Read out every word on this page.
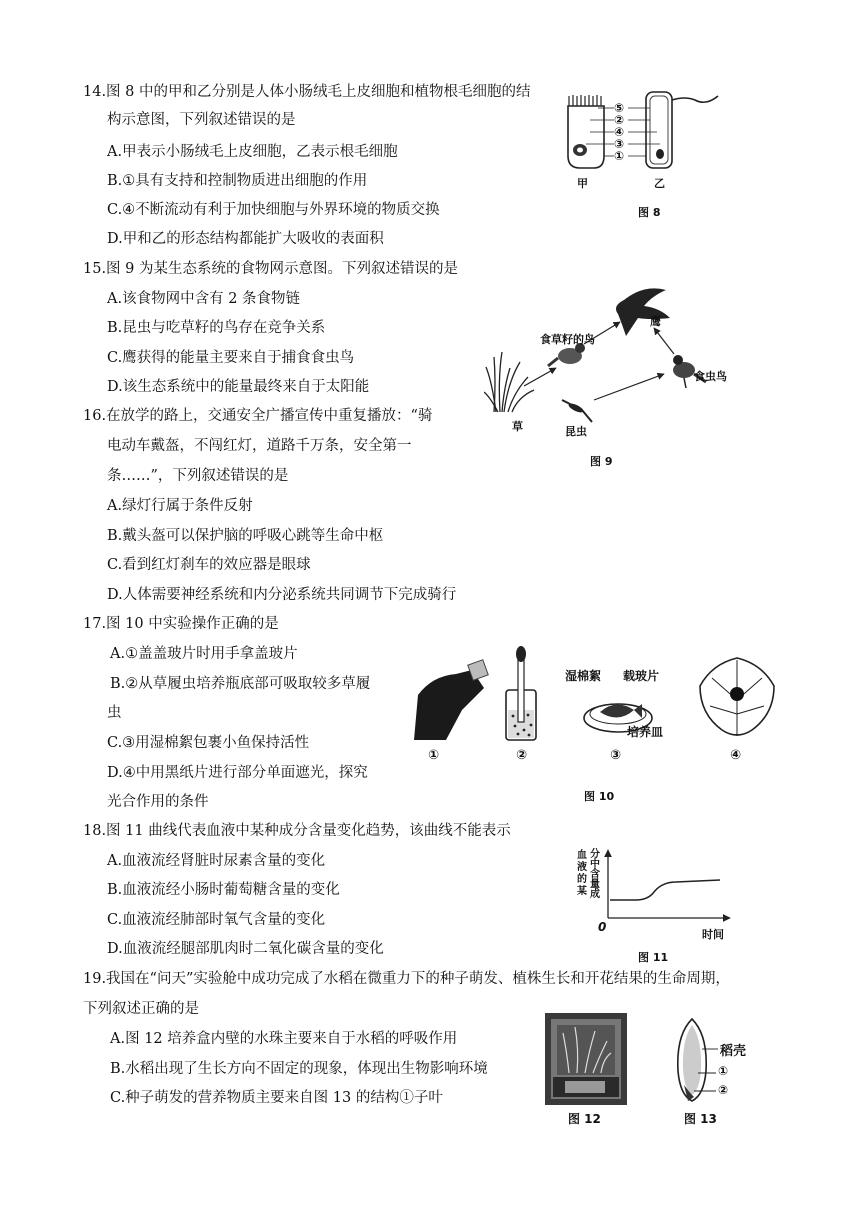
14.图 8 中的甲和乙分别是人体小肠绒毛上皮细胞和植物根毛细胞的结
构示意图，下列叙述错误的是
A.甲表示小肠绒毛上皮细胞，乙表示根毛细胞
B.①具有支持和控制物质进出细胞的作用
C.④不断流动有利于加快细胞与外界环境的物质交换
D.甲和乙的形态结构都能扩大吸收的表面积
⑤
②
④
③
①
甲	乙
图 8
15.图 9 为某生态系统的食物网示意图。下列叙述错误的是
A.该食物网中含有 2 条食物链
B.昆虫与吃草籽的鸟存在竞争关系
C.鹰获得的能量主要来自于捕食食虫鸟
D.该生态系统中的能量最终来自于太阳能
食草籽的鸟
鹰
食虫鸟
草	昆虫
图 9
16.在放学的路上，交通安全广播宣传中重复播放：“骑
电动车戴盔，不闯红灯，道路千万条，安全第一
条……”，下列叙述错误的是
A.绿灯行属于条件反射
B.戴头盔可以保护脑的呼吸心跳等生命中枢
C.看到红灯刹车的效应器是眼球
D.人体需要神经系统和内分泌系统共同调节下完成骑行
17.图 10 中实验操作正确的是
A.①盖盖玻片时用手拿盖玻片
B.②从草履虫培养瓶底部可吸取较多草履
虫
C.③用湿棉絮包裹小鱼保持活性
D.④中用黑纸片进行部分单面遮光，探究
光合作用的条件
湿棉絮 载玻片
培养皿
①	②	③	④
图 10
18.图 11 曲线代表血液中某种成分含量变化趋势，该曲线不能表示
A.血液流经肾脏时尿素含量的变化
B.血液流经小肠时葡萄糖含量的变化
C.血液流经肺部时氧气含量的变化
D.血液流经腿部肌肉时二氧化碳含量的变化
血液的某
分中含量成
0
时间
图 11
19.我国在“问天”实验舱中成功完成了水稻在微重力下的种子萌发、植株生长和开花结果的生命周期，
下列叙述正确的是
A.图 12 培养盒内壁的水珠主要来自于水稻的呼吸作用
B.水稻出现了生长方向不固定的现象，体现出生物影响环境
C.种子萌发的营养物质主要来自图 13 的结构①子叶
图 12
稻壳
①
②
图 13
